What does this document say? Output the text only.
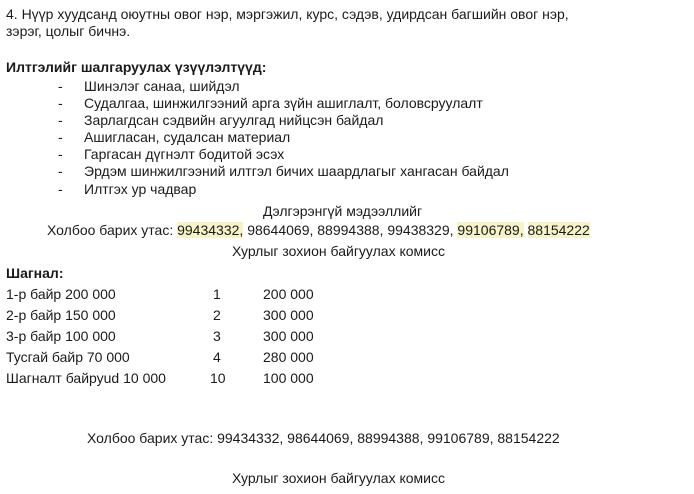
4. Нүүр хуудсанд оюутны овог нэр, мэргэжил, курс, сэдэв, удирдсан багшийн овог нэр,
зэрэг, цолыг бичнэ.
Илтгэлийг шалгаруулах үзүүлэлтүүд:
- Шинэлэг санаа, шийдэл
- Судалгаа, шинжилгээний арга зүйн ашиглалт, боловсруулалт
- Зарлагдсан сэдвийн агуулгад нийцсэн байдал
- Ашигласан, судалсан материал
- Гаргасан дүгнэлт бодитой эсэх
- Эрдэм шинжилгээний илтгэл бичих шаардлагыг хангасан байдал
- Илтгэх ур чадвар
Дэлгэрэнгүй мэдээллийг
Холбоо барих утас: 99434332, 98644069, 88994388, 99438329, 99106789, 88154222
Хурлыг зохион байгуулах комисс
Шагнал:
1-р байр 200 000	1	200 000
2-р байр 150 000	2	300 000
3-р байр 100 000	3	300 000
Тусгай байр 70 000	4	280 000
Шагналт байруud 10 000	10	100 000
Холбоо барих утас: 99434332, 98644069, 88994388, 99106789, 88154222
Хурлыг зохион байгуулах комисс
